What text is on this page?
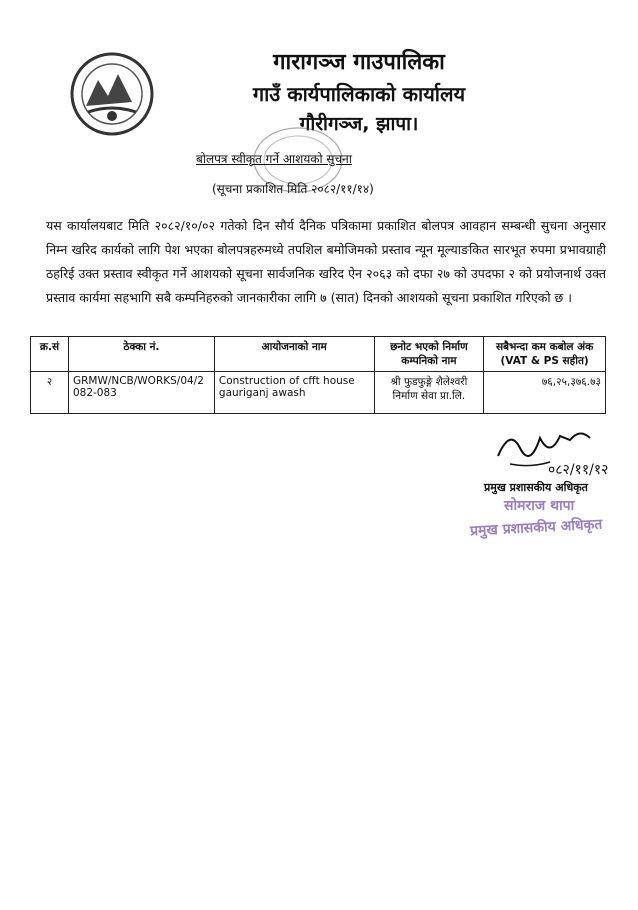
गारागञ्ज गाउपालिका
गाउँ कार्यपालिकाको कार्यालय
गौरीगञ्ज, झापा।
बोलपत्र स्वीकृत गर्ने आशयको सुचना
(सूचना प्रकाशित मिति २०८२/११/१४)
यस कार्यालयबाट मिति २०८२/१०/०२ गतेको दिन सौर्य दैनिक पत्रिकामा प्रकाशित बोलपत्र आवहान सम्बन्धी सुचना अनुसार निम्न खरिद कार्यको लागि पेश भएका बोलपत्रहरुमध्ये तपशिल बमोजिमको प्रस्ताव न्यून मूल्याङकित सारभूत रुपमा प्रभावग्राही ठहरिई उक्त प्रस्ताव स्वीकृत गर्ने आशयको सूचना सार्वजनिक खरिद ऐन २०६३ को दफा २७ को उपदफा २ को प्रयोजनार्थ उक्त प्रस्ताव कार्यमा सहभागि सबै कम्पनिहरुको जानकारीका लागि ७ (सात) दिनको आशयको सूचना प्रकाशित गरिएको छ ।
क्र.सं	ठेक्का नं.	आयोजनाको नाम	छनोट भएको निर्माण कम्पनिको नाम	सबैभन्दा कम कबोल अंक (VAT & PS सहीत)
२	GRMW/NCB/WORKS/04/2 082-083	Construction of cfft house gauriganj awash	श्री फुडफुङ्गे शैलेश्वरी निर्माण सेवा प्रा.लि.	७६,२५,३७६.७३
०८२/११/१२
प्रमुख प्रशासकीय अधिकृत
सोमराज थापा
प्रमुख प्रशासकीय अधिकृत
